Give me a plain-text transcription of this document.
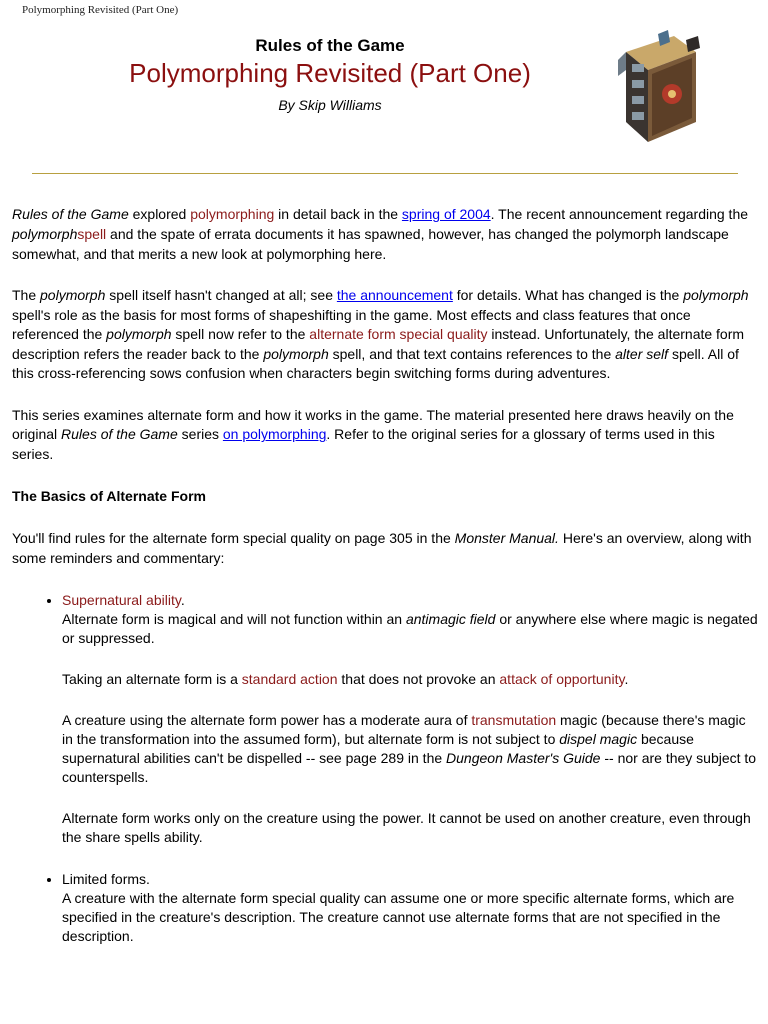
Polymorphing Revisited (Part One)
Rules of the Game
Polymorphing Revisited (Part One)
By Skip Williams

Rules of the Game explored polymorphing in detail back in the spring of 2004. The recent announcement regarding the polymorphspell and the spate of errata documents it has spawned, however, has changed the polymorph landscape somewhat, and that merits a new look at polymorphing here.

The polymorph spell itself hasn't changed at all; see the announcement for details. What has changed is the polymorph spell's role as the basis for most forms of shapeshifting in the game. Most effects and class features that once referenced the polymorph spell now refer to the alternate form special quality instead. Unfortunately, the alternate form description refers the reader back to the polymorph spell, and that text contains references to the alter self spell. All of this cross-referencing sows confusion when characters begin switching forms during adventures.

This series examines alternate form and how it works in the game. The material presented here draws heavily on the original Rules of the Game series on polymorphing. Refer to the original series for a glossary of terms used in this series.

The Basics of Alternate Form

You'll find rules for the alternate form special quality on page 305 in the Monster Manual. Here's an overview, along with some reminders and commentary:

• Supernatural ability.

Alternate form is magical and will not function within an antimagic field or anywhere else where magic is negated or suppressed.

Taking an alternate form is a standard action that does not provoke an attack of opportunity.

A creature using the alternate form power has a moderate aura of transmutation magic (because there's magic in the transformation into the assumed form), but alternate form is not subject to dispel magic because supernatural abilities can't be dispelled -- see page 289 in the Dungeon Master's Guide -- nor are they subject to counterspells.

Alternate form works only on the creature using the power. It cannot be used on another creature, even through the share spells ability.

• Limited forms.

A creature with the alternate form special quality can assume one or more specific alternate forms, which are specified in the creature's description. The creature cannot use alternate forms that are not specified in the description.
